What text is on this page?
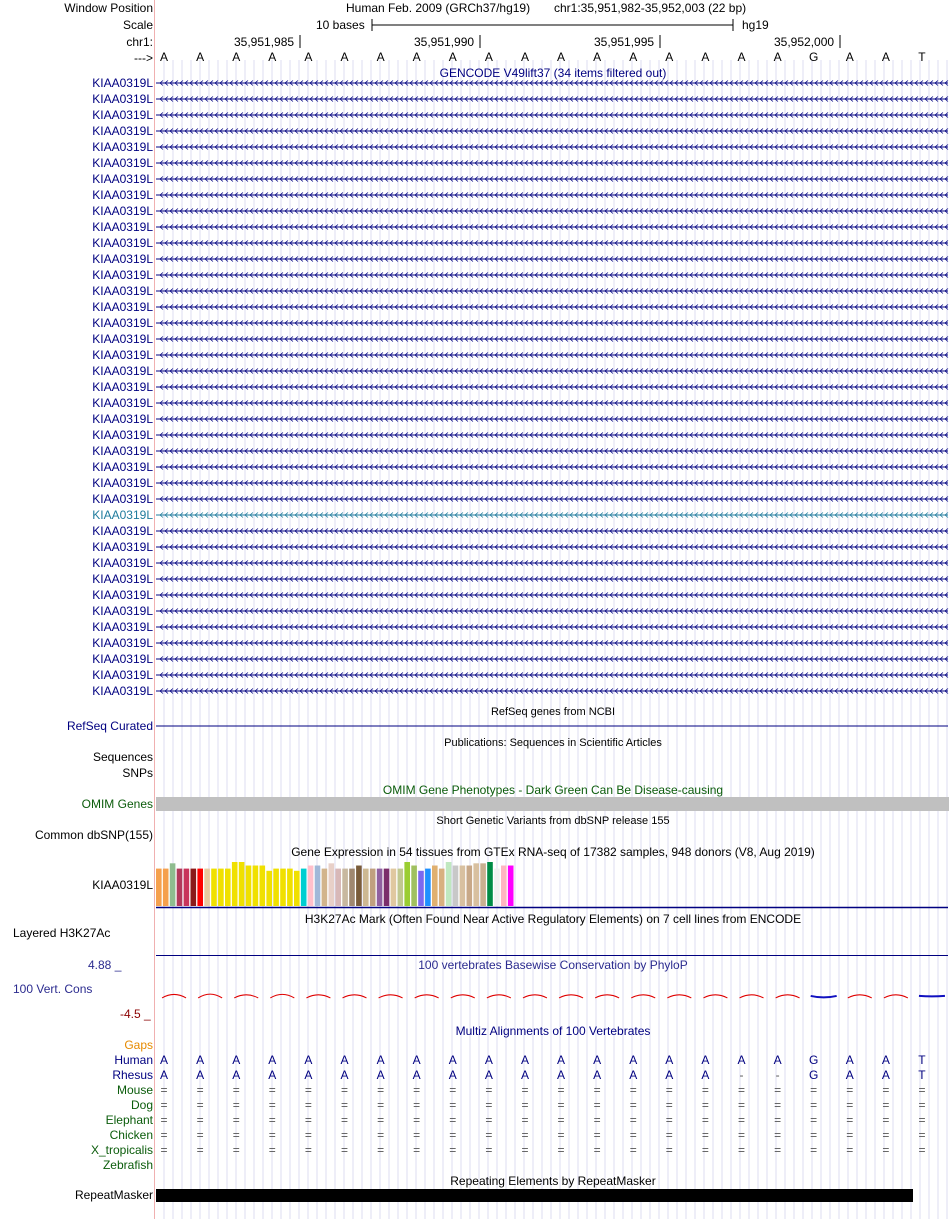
Window Position	Human Feb. 2009 (GRCh37/hg19) chr1:35,951,982-35,952,003 (22 bp)
Scale	10 bases	hg19
chr1:
--->
35,951,985	35,951,990	35,951,995	35,952,000
A A A A A A A A A A A A A A A A A A G A A T
GENCODE V49lift37 (34 items filtered out)
KIAA0319L
KIAA0319L
KIAA0319L
KIAA0319L
KIAA0319L
KIAA0319L
KIAA0319L
KIAA0319L
KIAA0319L
KIAA0319L
KIAA0319L
KIAA0319L
KIAA0319L
KIAA0319L
KIAA0319L
KIAA0319L
KIAA0319L
KIAA0319L
KIAA0319L
KIAA0319L
KIAA0319L
KIAA0319L
KIAA0319L
KIAA0319L
KIAA0319L
KIAA0319L
KIAA0319L
KIAA0319L
KIAA0319L
KIAA0319L
KIAA0319L
KIAA0319L
KIAA0319L
KIAA0319L
KIAA0319L
KIAA0319L
KIAA0319L
KIAA0319L
KIAA0319L
RefSeq genes from NCBI
RefSeq Curated
Publications: Sequences in Scientific Articles
Sequences
SNPs
OMIM Gene Phenotypes - Dark Green Can Be Disease-causing
OMIM Genes
Short Genetic Variants from dbSNP release 155
Common dbSNP(155)
Gene Expression in 54 tissues from GTEx RNA-seq of 17382 samples, 948 donors (V8, Aug 2019)
KIAA0319L
H3K27Ac Mark (Often Found Near Active Regulatory Elements) on 7 cell lines from ENCODE
Layered H3K27Ac
100 vertebrates Basewise Conservation by PhyloP
4.88 _
100 Vert. Cons
-4.5 _
Multiz Alignments of 100 Vertebrates
Gaps
Human A A A A A A A A A A A A A A A A A A G A A T
Rhesus A A A A A A A A A A A A A A A A	-	- G A A T
Mouse = = = = = = = = = = = = = = = = = = = = = =
Dog = = = = = = = = = = = = = = = = = = = = = =
Elephant = = = = = = = = = = = = = = = = = = = = = =
Chicken = = = = = = = = = = = = = = = = = = = = = =
X_tropicalis = = = = = = = = = = = = = = = = = = = = = =
Zebrafish
Repeating Elements by RepeatMasker
RepeatMasker
